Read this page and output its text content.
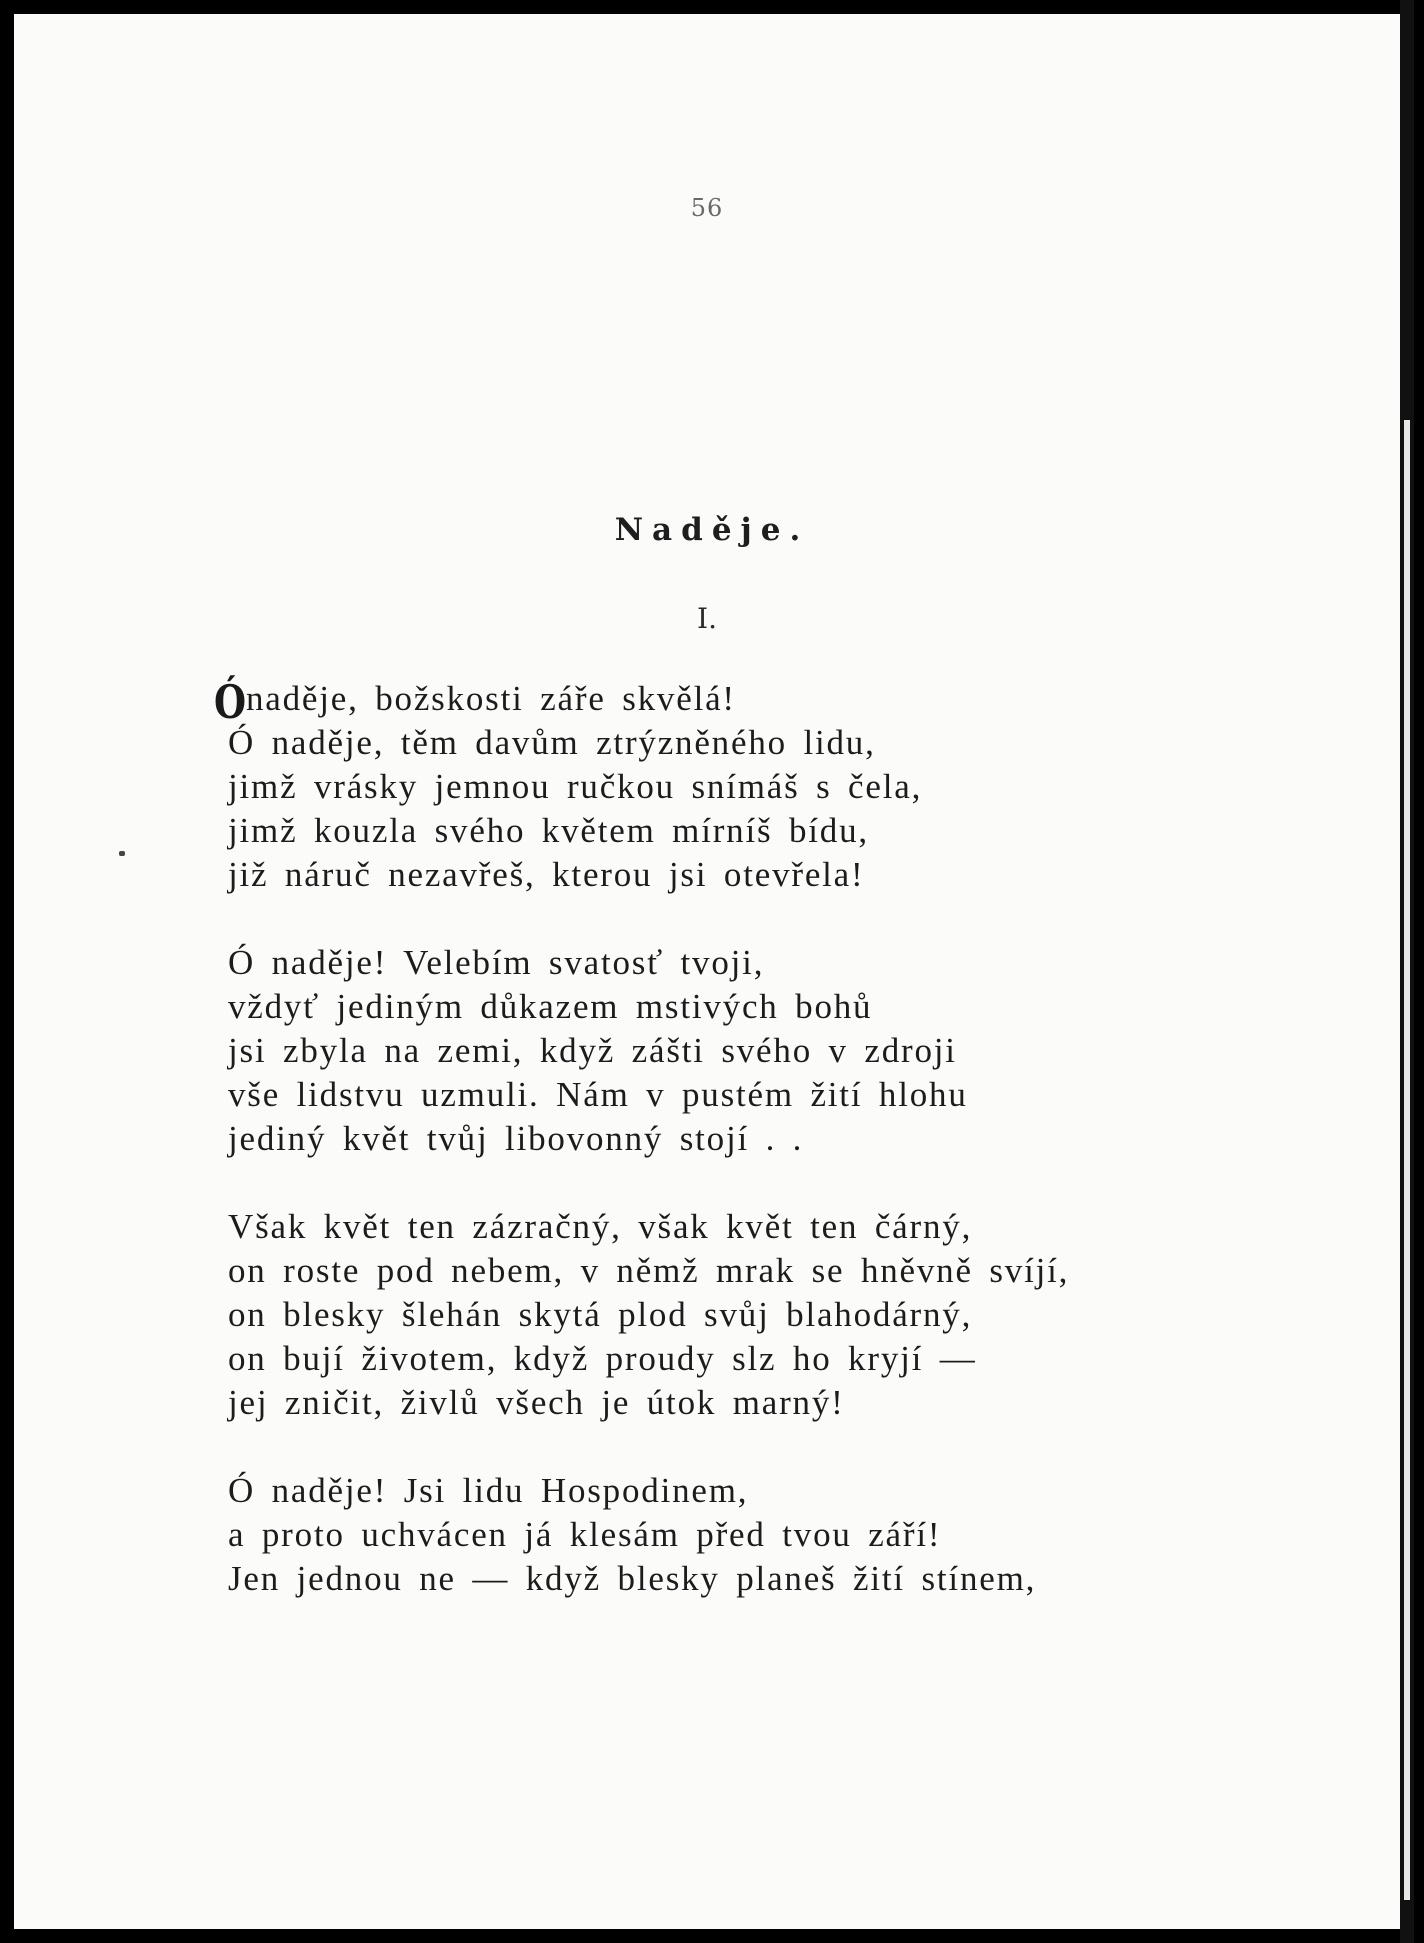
56
Naděje.
I.
Ó naděje, božskosti záře skvělá!
Ó naděje, těm davům ztrýzněného lidu,
jimž vrásky jemnou ručkou snímáš s čela,
jimž kouzla svého květem mírníš bídu,
již náruč nezavřeš, kterou jsi otevřela!
Ó naděje! Velebím svatosť tvoji,
vždyť jediným důkazem mstivých bohů
jsi zbyla na zemi, když zášti svého v zdroji
vše lidstvu uzmuli. Nám v pustém žití hlohu
jediný květ tvůj libovonný stojí . .
Však květ ten zázračný, však květ ten čárný,
on roste pod nebem, v němž mrak se hněvně svíjí,
on blesky šlehán skytá plod svůj blahodárný,
on bují životem, když proudy slz ho kryjí —
jej zničit, živlů všech je útok marný!
Ó naděje! Jsi lidu Hospodinem,
a proto uchvácen já klesám před tvou září!
Jen jednou ne — když blesky planeš žití stínem,
